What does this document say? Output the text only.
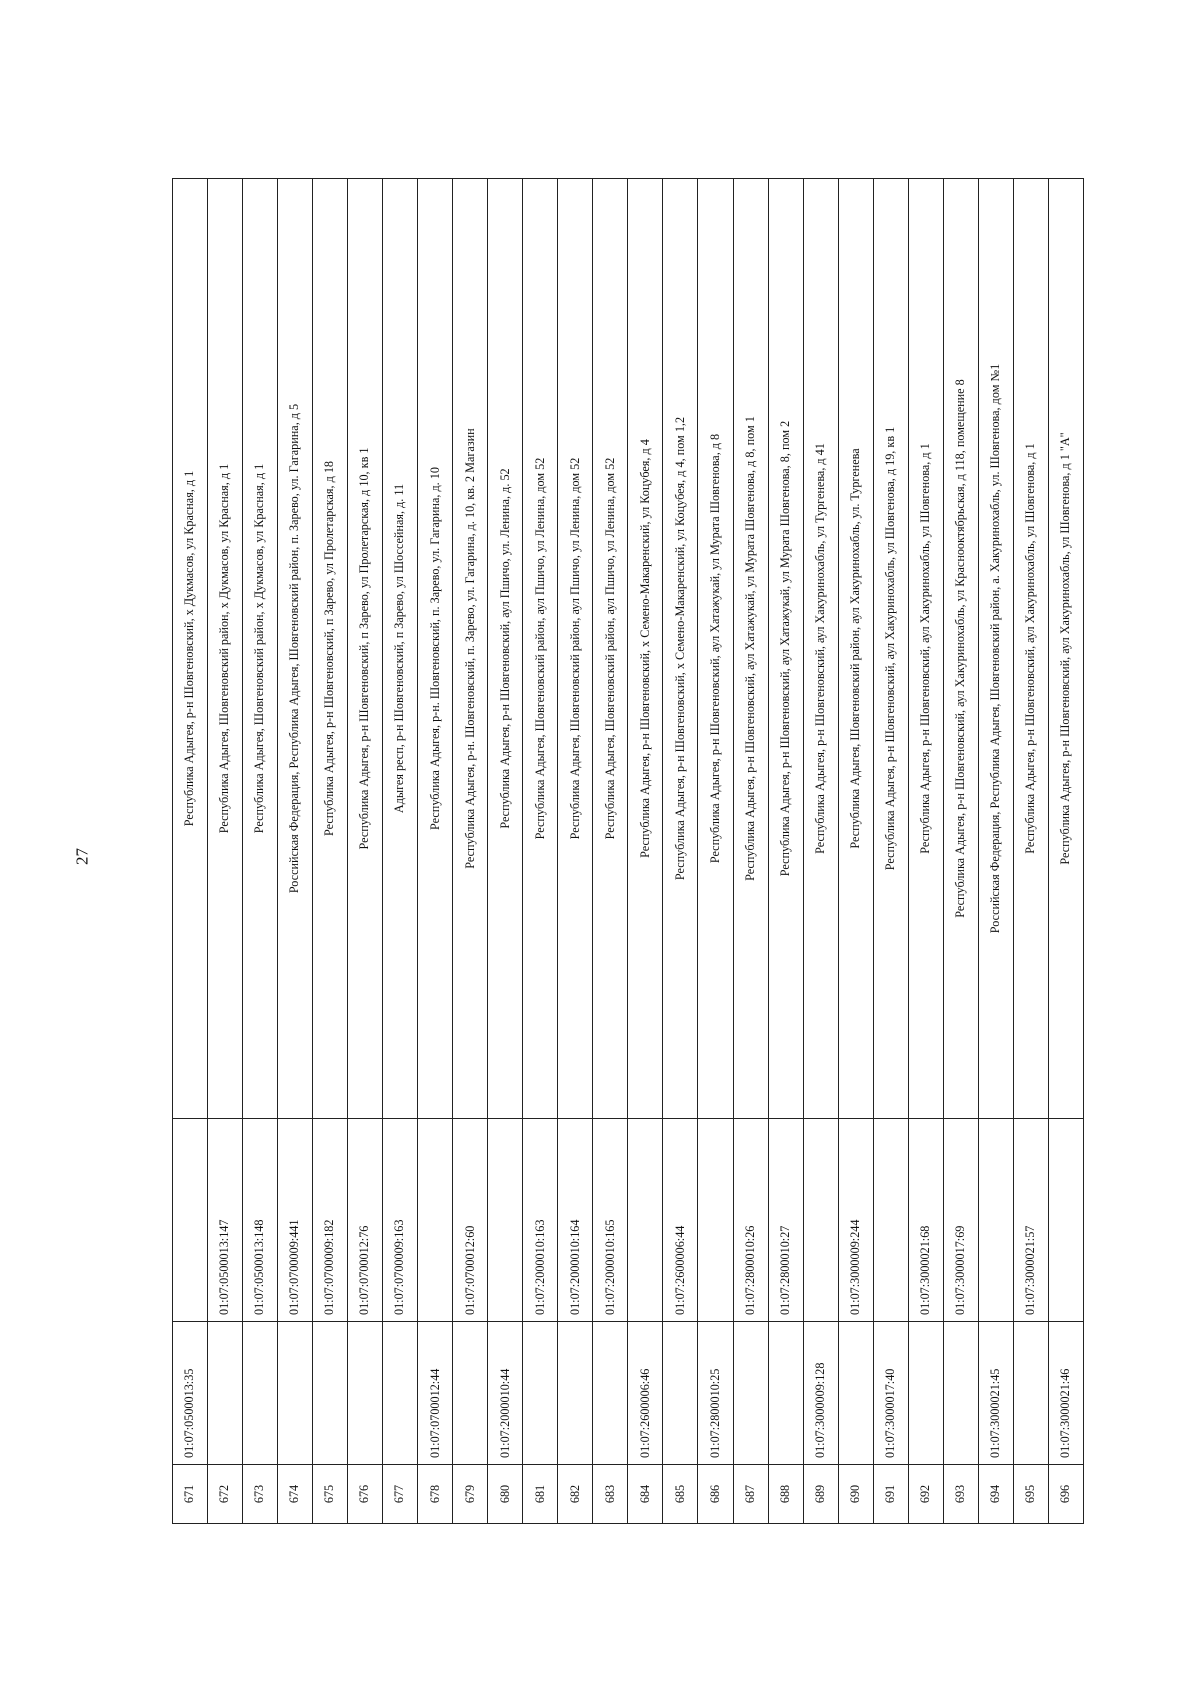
27
671	01:07:0500013:35		Республика Адыгея, р-н Шовгеновский, х Дукмасов, ул Красная, д 1
672		01:07:0500013:147	Республика Адыгея, Шовгеновский район, х Дукмасов, ул Красная, д 1
673		01:07:0500013:148	Республика Адыгея, Шовгеновский район, х Дукмасов, ул Красная, д 1
674		01:07:0700009:441	Российская Федерация, Республика Адыгея, Шовгеновский район, п. Зарево, ул. Гагарина, д 5
675		01:07:0700009:182	Республика Адыгея, р-н Шовгеновский, п Зарево, ул Пролетарская, д 18
676		01:07:0700012:76	Республика Адыгея, р-н Шовгеновский, п Зарево, ул Пролетарская, д 10, кв 1
677		01:07:0700009:163	Адыгея респ, р-н Шовгеновский, п Зарево, ул Шоссейная, д. 11
678	01:07:0700012:44		Республика Адыгея, р-н. Шовгеновский, п. Зарево, ул. Гагарина, д. 10
679		01:07:0700012:60	Республика Адыгея, р-н. Шовгеновский, п. Зарево, ул. Гагарина, д. 10, кв. 2 Магазин
680	01:07:2000010:44		Республика Адыгея, р-н Шовгеновский, аул Пшичо, ул. Ленина, д. 52
681		01:07:2000010:163	Республика Адыгея, Шовгеновский район, аул Пшичо, ул Ленина, дом 52
682		01:07:2000010:164	Республика Адыгея, Шовгеновский район, аул Пшичо, ул Ленина, дом 52
683		01:07:2000010:165	Республика Адыгея, Шовгеновский район, аул Пшичо, ул Ленина, дом 52
684	01:07:2600006:46		Республика Адыгея, р-н Шовгеновский, х Семено-Макаренский, ул Коцубея, д 4
685		01:07:2600006:44	Республика Адыгея, р-н Шовгеновский, х Семено-Макаренский, ул Коцубея, д 4, пом 1,2
686	01:07:2800010:25		Республика Адыгея, р-н Шовгеновский, аул Хатажукай, ул Мурата Шовгенова, д 8
687		01:07:2800010:26	Республика Адыгея, р-н Шовгеновский, аул Хатажукай, ул Мурата Шовгенова, д 8, пом 1
688		01:07:2800010:27	Республика Адыгея, р-н Шовгеновский, аул Хатажукай, ул Мурата Шовгенова, 8, пом 2
689	01:07:3000009:128		Республика Адыгея, р-н Шовгеновский, аул Хакуринохабль, ул Тургенева, д 41
690		01:07:3000009:244	Республика Адыгея, Шовгеновский район, аул Хакуринохабль, ул. Тургенева
691	01:07:3000017:40		Республика Адыгея, р-н Шовгеновский, аул Хакуринохабль, ул Шовгенова, д 19, кв 1
692		01:07:3000021:68	Республика Адыгея, р-н Шовгеновский, аул Хакуринохабль, ул Шовгенова, д 1
693		01:07:3000017:69	Республика Адыгея, р-н Шовгеновский, аул Хакуринохабль, ул Краснооктябрьская, д 118, помещение 8
694	01:07:3000021:45		Российская Федерация, Республика Адыгея, Шовгеновский район, а. Хакуринохабль, ул. Шовгенова, дом №1
695		01:07:3000021:57	Республика Адыгея, р-н Шовгеновский, аул Хакуринохабль, ул Шовгенова, д 1
696	01:07:3000021:46		Республика Адыгея, р-н Шовгеновский, аул Хакуринохабль, ул Шовгенова, д 1 "А"
